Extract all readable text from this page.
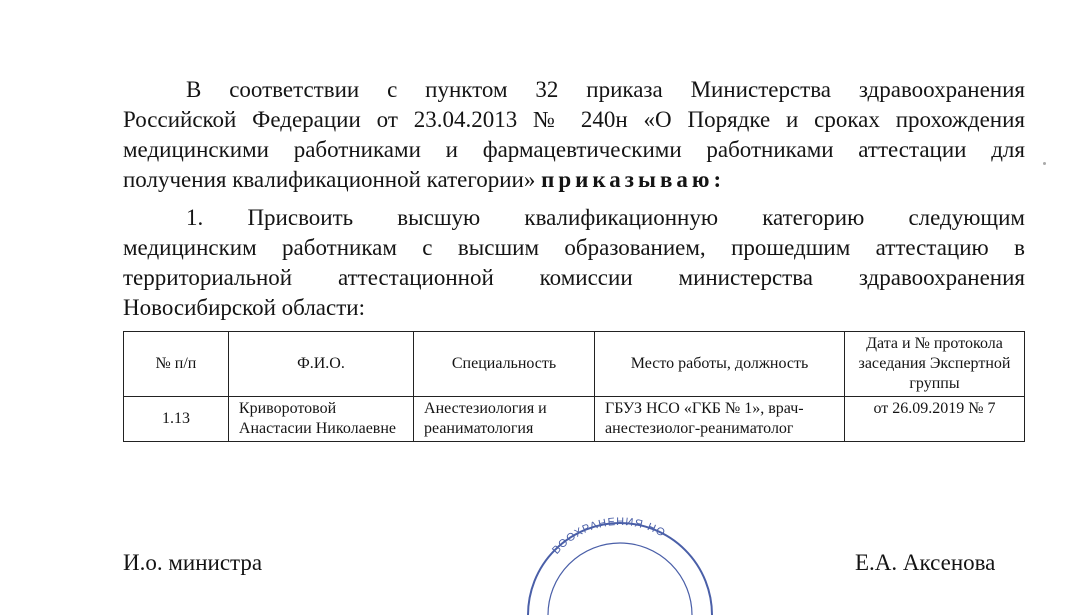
В соответствии с пунктом 32 приказа Министерства здравоохранения
Российской Федерации от 23.04.2013 № 240н «О Порядке и сроках прохождения
медицинскими работниками и фармацевтическими работниками аттестации для
получения квалификационной категории» приказываю:

1. Присвоить высшую квалификационную категорию следующим
медицинским работникам с высшим образованием, прошедшим аттестацию в
территориальной аттестационной комиссии министерства здравоохранения
Новосибирской области:

№ п/п	Ф.И.О.	Специальность	Место работы, должность	Дата и № протокола заседания Экспертной группы
1.13	Криворотовой Анастасии Николаевне	Анестезиология и реаниматология	ГБУЗ НСО «ГКБ № 1», врач-анестезиолог-реаниматолог	от 26.09.2019 № 7
И.о. министра	Е.А. Аксенова
ВООХРАНЕНИЯ НО
